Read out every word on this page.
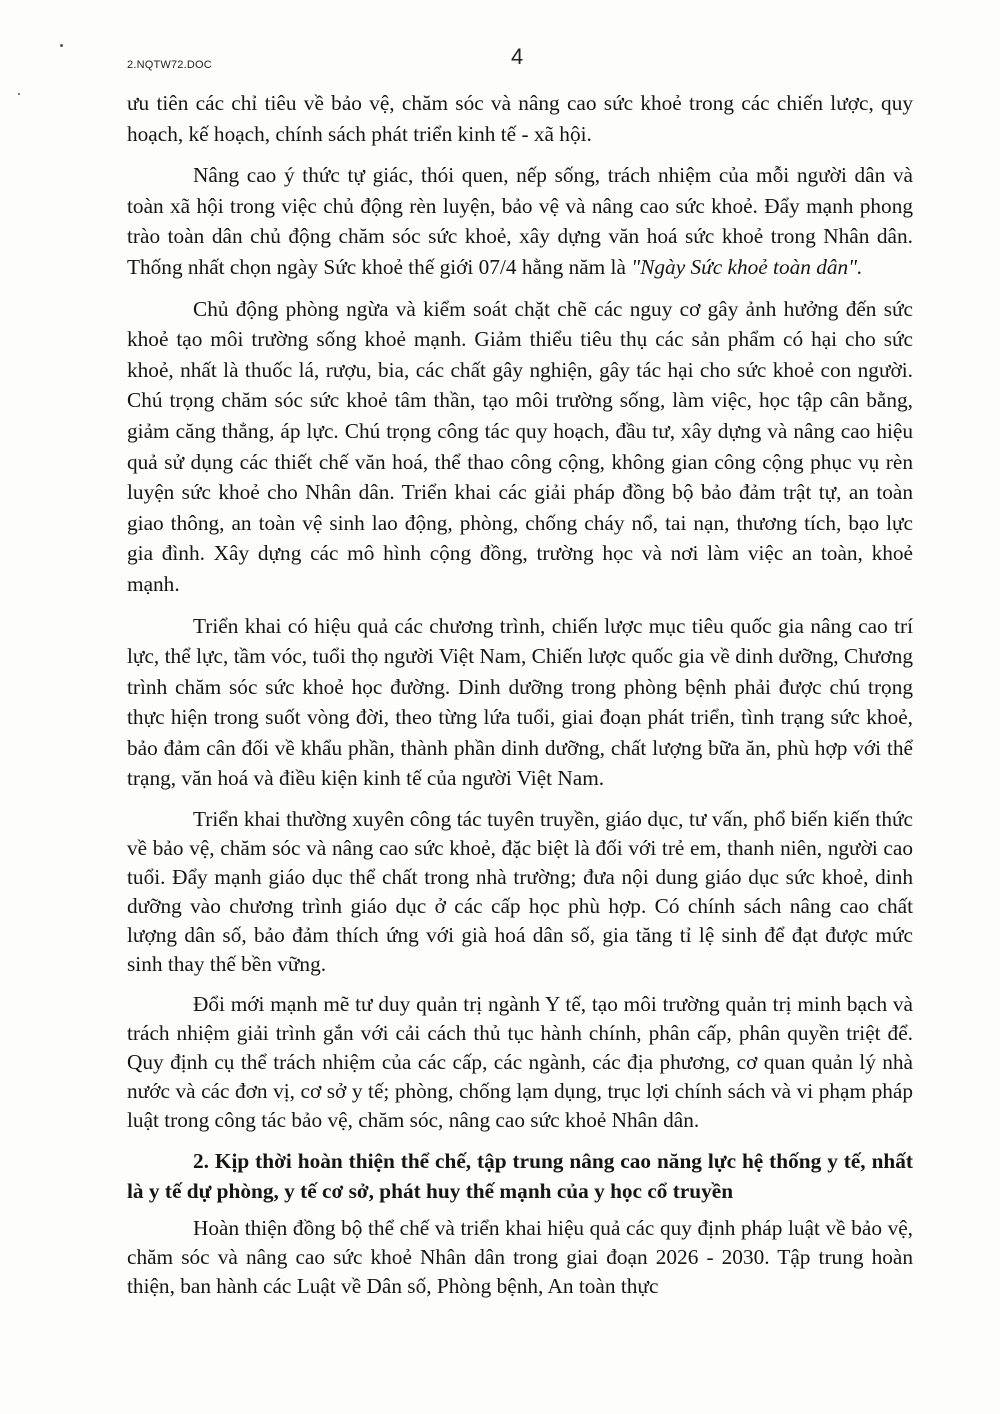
2.NQTW72.DOC	4

ưu tiên các chỉ tiêu về bảo vệ, chăm sóc và nâng cao sức khoẻ trong các chiến lược, quy hoạch, kế hoạch, chính sách phát triển kinh tế - xã hội.

Nâng cao ý thức tự giác, thói quen, nếp sống, trách nhiệm của mỗi người dân và toàn xã hội trong việc chủ động rèn luyện, bảo vệ và nâng cao sức khoẻ. Đẩy mạnh phong trào toàn dân chủ động chăm sóc sức khoẻ, xây dựng văn hoá sức khoẻ trong Nhân dân. Thống nhất chọn ngày Sức khoẻ thế giới 07/4 hằng năm là "Ngày Sức khoẻ toàn dân".

Chủ động phòng ngừa và kiểm soát chặt chẽ các nguy cơ gây ảnh hưởng đến sức khoẻ tạo môi trường sống khoẻ mạnh. Giảm thiểu tiêu thụ các sản phẩm có hại cho sức khoẻ, nhất là thuốc lá, rượu, bia, các chất gây nghiện, gây tác hại cho sức khoẻ con người. Chú trọng chăm sóc sức khoẻ tâm thần, tạo môi trường sống, làm việc, học tập cân bằng, giảm căng thẳng, áp lực. Chú trọng công tác quy hoạch, đầu tư, xây dựng và nâng cao hiệu quả sử dụng các thiết chế văn hoá, thể thao công cộng, không gian công cộng phục vụ rèn luyện sức khoẻ cho Nhân dân. Triển khai các giải pháp đồng bộ bảo đảm trật tự, an toàn giao thông, an toàn vệ sinh lao động, phòng, chống cháy nổ, tai nạn, thương tích, bạo lực gia đình. Xây dựng các mô hình cộng đồng, trường học và nơi làm việc an toàn, khoẻ mạnh.

Triển khai có hiệu quả các chương trình, chiến lược mục tiêu quốc gia nâng cao trí lực, thể lực, tầm vóc, tuổi thọ người Việt Nam, Chiến lược quốc gia về dinh dưỡng, Chương trình chăm sóc sức khoẻ học đường. Dinh dưỡng trong phòng bệnh phải được chú trọng thực hiện trong suốt vòng đời, theo từng lứa tuổi, giai đoạn phát triển, tình trạng sức khoẻ, bảo đảm cân đối về khẩu phần, thành phần dinh dưỡng, chất lượng bữa ăn, phù hợp với thể trạng, văn hoá và điều kiện kinh tế của người Việt Nam.

Triển khai thường xuyên công tác tuyên truyền, giáo dục, tư vấn, phổ biến kiến thức về bảo vệ, chăm sóc và nâng cao sức khoẻ, đặc biệt là đối với trẻ em, thanh niên, người cao tuổi. Đẩy mạnh giáo dục thể chất trong nhà trường; đưa nội dung giáo dục sức khoẻ, dinh dưỡng vào chương trình giáo dục ở các cấp học phù hợp. Có chính sách nâng cao chất lượng dân số, bảo đảm thích ứng với già hoá dân số, gia tăng tỉ lệ sinh để đạt được mức sinh thay thế bền vững.

Đổi mới mạnh mẽ tư duy quản trị ngành Y tế, tạo môi trường quản trị minh bạch và trách nhiệm giải trình gắn với cải cách thủ tục hành chính, phân cấp, phân quyền triệt để. Quy định cụ thể trách nhiệm của các cấp, các ngành, các địa phương, cơ quan quản lý nhà nước và các đơn vị, cơ sở y tế; phòng, chống lạm dụng, trục lợi chính sách và vi phạm pháp luật trong công tác bảo vệ, chăm sóc, nâng cao sức khoẻ Nhân dân.

2. Kịp thời hoàn thiện thể chế, tập trung nâng cao năng lực hệ thống y tế, nhất là y tế dự phòng, y tế cơ sở, phát huy thế mạnh của y học cổ truyền

Hoàn thiện đồng bộ thể chế và triển khai hiệu quả các quy định pháp luật về bảo vệ, chăm sóc và nâng cao sức khoẻ Nhân dân trong giai đoạn 2026 - 2030. Tập trung hoàn thiện, ban hành các Luật về Dân số, Phòng bệnh, An toàn thực
